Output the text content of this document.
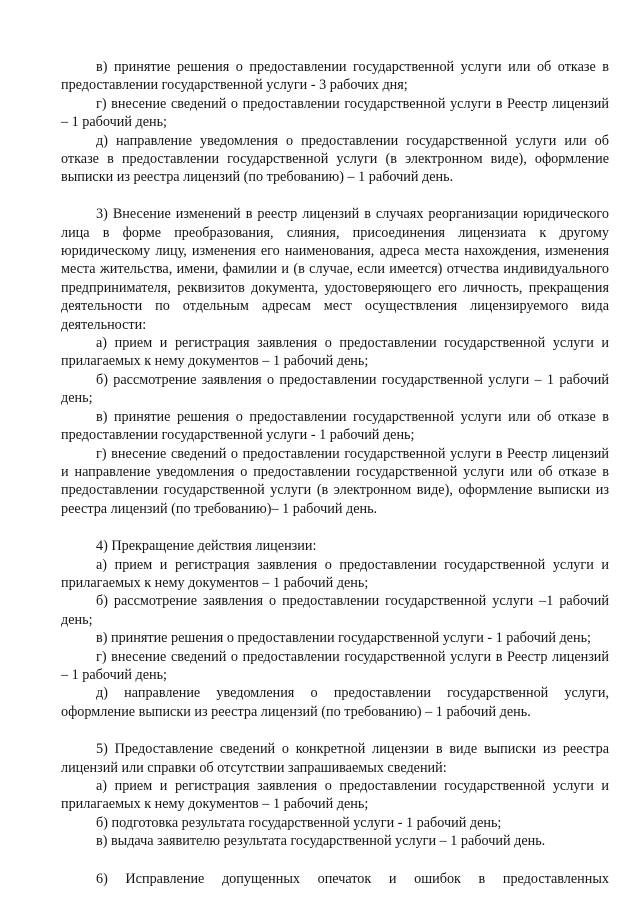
в) принятие решения о предоставлении государственной услуги или об отказе в предоставлении государственной услуги - 3 рабочих дня;

г) внесение сведений о предоставлении государственной услуги в Реестр лицензий – 1 рабочий день;

д) направление уведомления о предоставлении государственной услуги или об отказе в предоставлении государственной услуги (в электронном виде), оформление выписки из реестра лицензий (по требованию) – 1 рабочий день.

3) Внесение изменений в реестр лицензий в случаях реорганизации юридического лица в форме преобразования, слияния, присоединения лицензиата к другому юридическому лицу, изменения его наименования, адреса места нахождения, изменения места жительства, имени, фамилии и (в случае, если имеется) отчества индивидуального предпринимателя, реквизитов документа, удостоверяющего его личность, прекращения деятельности по отдельным адресам мест осуществления лицензируемого вида деятельности:

а) прием и регистрация заявления о предоставлении государственной услуги и прилагаемых к нему документов – 1 рабочий день;

б) рассмотрение заявления о предоставлении государственной услуги – 1 рабочий день;

в) принятие решения о предоставлении государственной услуги или об отказе в предоставлении государственной услуги - 1 рабочий день;

г) внесение сведений о предоставлении государственной услуги в Реестр лицензий и направление уведомления о предоставлении государственной услуги или об отказе в предоставлении государственной услуги (в электронном виде), оформление выписки из реестра лицензий (по требованию)– 1 рабочий день.

4) Прекращение действия лицензии:

а) прием и регистрация заявления о предоставлении государственной услуги и прилагаемых к нему документов – 1 рабочий день;

б) рассмотрение заявления о предоставлении государственной услуги –1 рабочий день;

в) принятие решения о предоставлении государственной услуги - 1 рабочий день;

г) внесение сведений о предоставлении государственной услуги в Реестр лицензий – 1 рабочий день;

д) направление уведомления о предоставлении государственной услуги, оформление выписки из реестра лицензий (по требованию) – 1 рабочий день.

5) Предоставление сведений о конкретной лицензии в виде выписки из реестра лицензий или справки об отсутствии запрашиваемых сведений:

а) прием и регистрация заявления о предоставлении государственной услуги и прилагаемых к нему документов – 1 рабочий день;

б) подготовка результата государственной услуги - 1 рабочий день;

в) выдача заявителю результата государственной услуги – 1 рабочий день.

6) Исправление допущенных опечаток и ошибок в предоставленных
